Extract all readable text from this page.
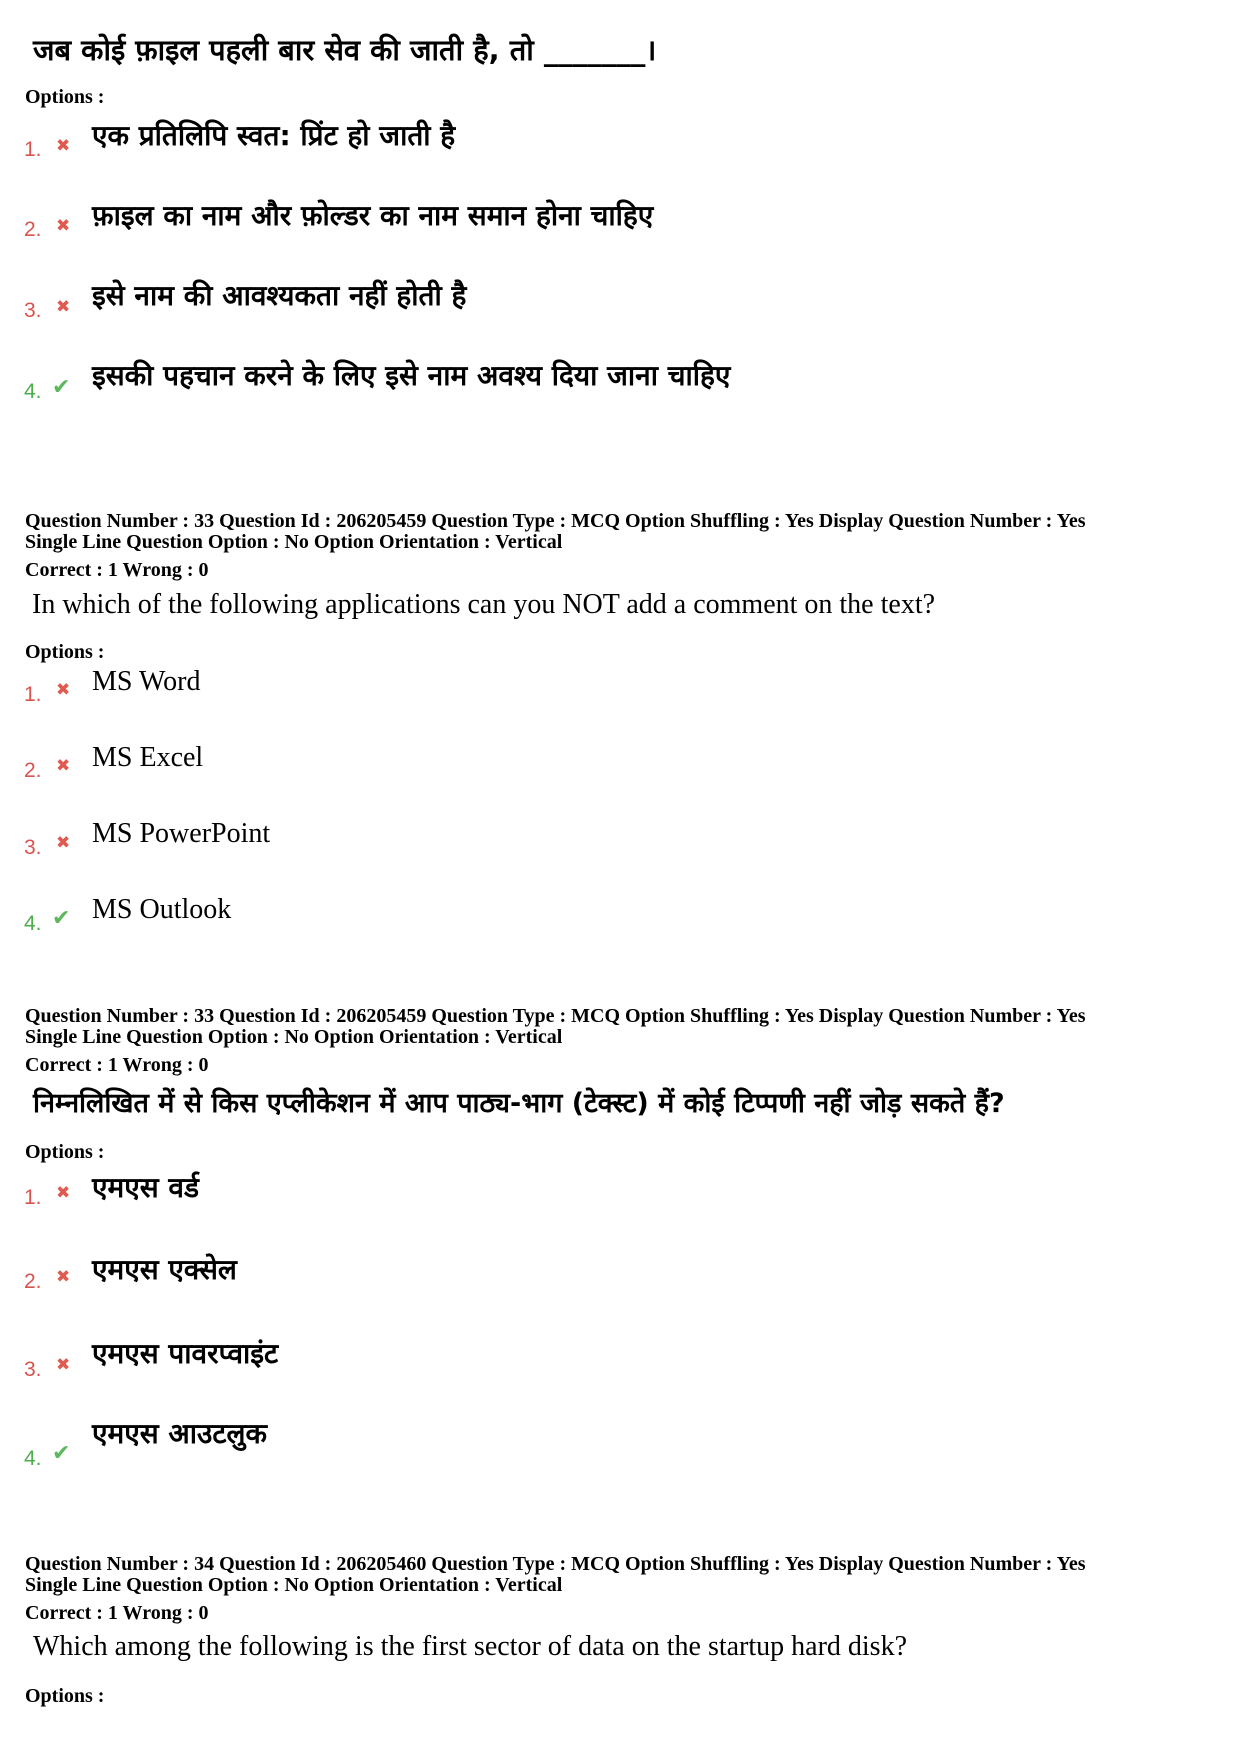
जब कोई फ़ाइल पहली बार सेव की जाती है, तो _______।
Options :
1. ✖ एक प्रतिलिपि स्वत: प्रिंट हो जाती है
2. ✖ फ़ाइल का नाम और फ़ोल्डर का नाम समान होना चाहिए
3. ✖ इसे नाम की आवश्यकता नहीं होती है
4. ✔ इसकी पहचान करने के लिए इसे नाम अवश्य दिया जाना चाहिए
Question Number : 33 Question Id : 206205459 Question Type : MCQ Option Shuffling : Yes Display Question Number : Yes
Single Line Question Option : No Option Orientation : Vertical
Correct : 1 Wrong : 0
In which of the following applications can you NOT add a comment on the text?
Options :
1. ✖ MS Word
2. ✖ MS Excel
3. ✖ MS PowerPoint
4. ✔ MS Outlook
Question Number : 33 Question Id : 206205459 Question Type : MCQ Option Shuffling : Yes Display Question Number : Yes
Single Line Question Option : No Option Orientation : Vertical
Correct : 1 Wrong : 0
निम्नलिखित में से किस एप्लीकेशन में आप पाठ्य-भाग (टेक्स्ट) में कोई टिप्पणी नहीं जोड़ सकते हैं?
Options :
1. ✖ एमएस वर्ड
2. ✖ एमएस एक्सेल
3. ✖ एमएस पावरप्वाइंट
4. ✔
एमएस आउटलुक
Question Number : 34 Question Id : 206205460 Question Type : MCQ Option Shuffling : Yes Display Question Number : Yes
Single Line Question Option : No Option Orientation : Vertical
Correct : 1 Wrong : 0
Which among the following is the first sector of data on the startup hard disk?
Options :
